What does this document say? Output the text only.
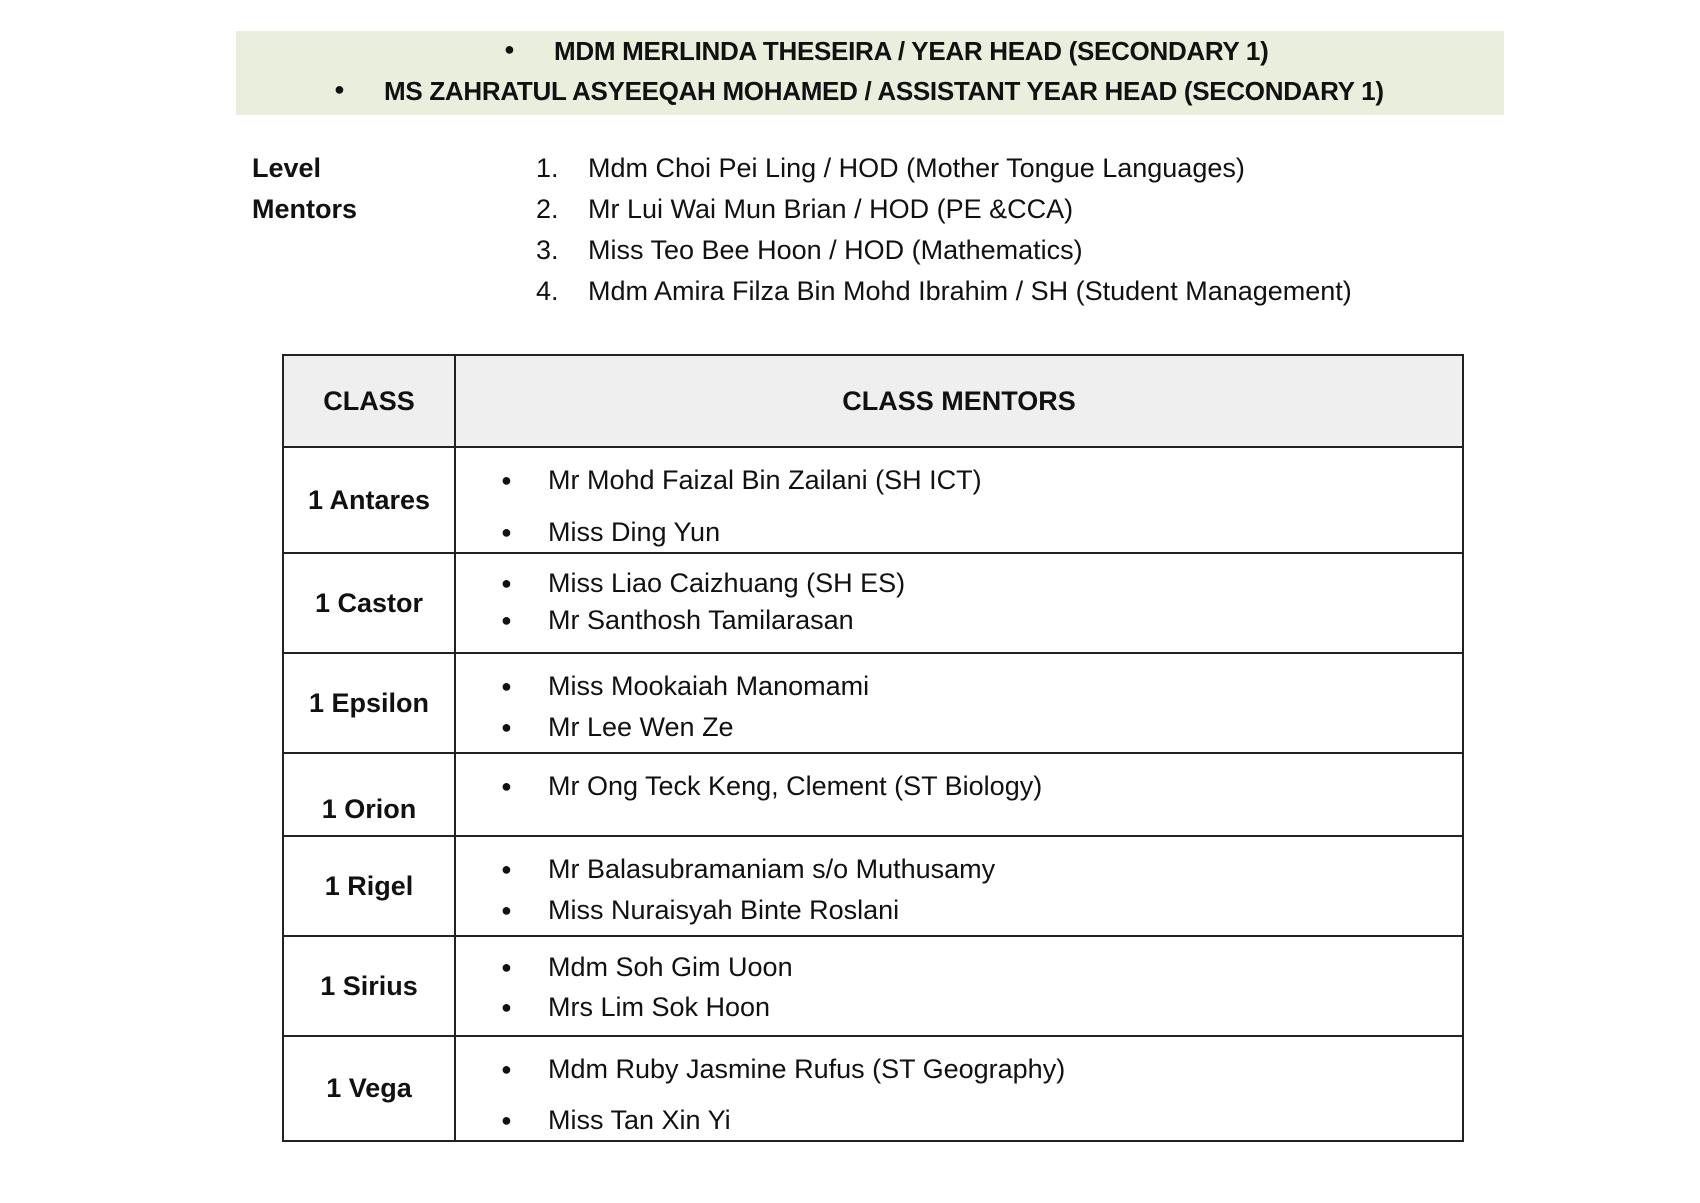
● MDM MERLINDA THESEIRA / YEAR HEAD (SECONDARY 1)
● MS ZAHRATUL ASYEEQAH MOHAMED / ASSISTANT YEAR HEAD (SECONDARY 1)
Level
Mentors
1. Mdm Choi Pei Ling / HOD (Mother Tongue Languages)
2. Mr Lui Wai Mun Brian / HOD (PE &CCA)
3. Miss Teo Bee Hoon / HOD (Mathematics)
4. Mdm Amira Filza Bin Mohd Ibrahim / SH (Student Management)
CLASS	CLASS MENTORS
1 Antares	● Mr Mohd Faizal Bin Zailani (SH ICT)
● Miss Ding Yun

1 Castor	● Miss Liao Caizhuang (SH ES)
● Mr Santhosh Tamilarasan

1 Epsilon	● Miss Mookaiah Manomami
● Mr Lee Wen Ze

1 Orion	● Mr Ong Teck Keng, Clement (ST Biology)

1 Rigel	● Mr Balasubramaniam s/o Muthusamy
● Miss Nuraisyah Binte Roslani

1 Sirius	● Mdm Soh Gim Uoon
● Mrs Lim Sok Hoon

1 Vega	● Mdm Ruby Jasmine Rufus (ST Geography)
● Miss Tan Xin Yi
